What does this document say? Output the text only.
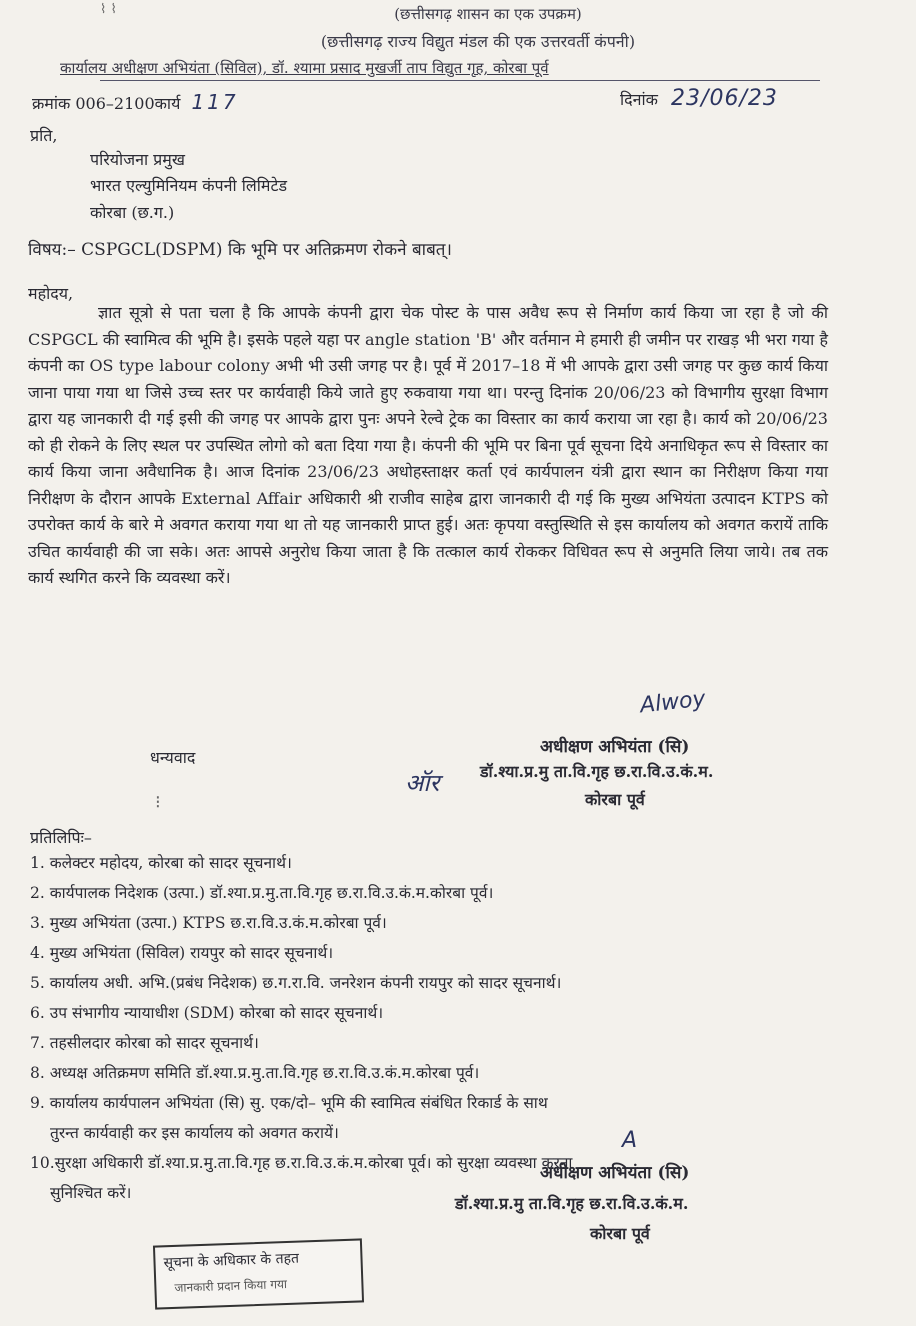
⌇ ⌇	(छत्तीसगढ़ शासन का एक उपक्रम)
(छत्तीसगढ़ राज्य विद्युत मंडल की एक उत्तरवर्ती कंपनी)
कार्यालय अधीक्षण अभियंता (सिविल), डॉ. श्यामा प्रसाद मुखर्जी ताप विद्युत गृह, कोरबा पूर्व
क्रमांक 006–2100कार्य 117	दिनांक 23/06/23
प्रति,
परियोजना प्रमुख
भारत एल्युमिनियम कंपनी लिमिटेड
कोरबा (छ.ग.)
विषय:– CSPGCL(DSPM) कि भूमि पर अतिक्रमण रोकने बाबत्।
महोदय,
ज्ञात सूत्रो से पता चला है कि आपके कंपनी द्वारा चेक पोस्ट के पास अवैध रूप से निर्माण कार्य किया जा रहा है जो की CSPGCL की स्वामित्व की भूमि है। इसके पहले यहा पर angle station 'B' और वर्तमान मे हमारी ही जमीन पर राखड़ भी भरा गया है कंपनी का OS type labour colony अभी भी उसी जगह पर है। पूर्व में 2017–18 में भी आपके द्वारा उसी जगह पर कुछ कार्य किया जाना पाया गया था जिसे उच्च स्तर पर कार्यवाही किये जाते हुए रुकवाया गया था। परन्तु दिनांक 20/06/23 को विभागीय सुरक्षा विभाग द्वारा यह जानकारी दी गई इसी की जगह पर आपके द्वारा पुनः अपने रेल्वे ट्रेक का विस्तार का कार्य कराया जा रहा है। कार्य को 20/06/23 को ही रोकने के लिए स्थल पर उपस्थित लोगो को बता दिया गया है। कंपनी की भूमि पर बिना पूर्व सूचना दिये अनाधिकृत रूप से विस्तार का कार्य किया जाना अवैधानिक है। आज दिनांक 23/06/23 अधोहस्ताक्षर कर्ता एवं कार्यपालन यंत्री द्वारा स्थान का निरीक्षण किया गया निरीक्षण के दौरान आपके External Affair अधिकारी श्री राजीव साहेब द्वारा जानकारी दी गई कि मुख्य अभियंता उत्पादन KTPS को उपरोक्त कार्य के बारे मे अवगत कराया गया था तो यह जानकारी प्राप्त हुई। अतः कृपया वस्तुस्थिति से इस कार्यालय को अवगत करायें ताकि उचित कार्यवाही की जा सके। अतः आपसे अनुरोध किया जाता है कि तत्काल कार्य रोककर विधिवत रूप से अनुमति लिया जाये। तब तक कार्य स्थगित करने कि व्यवस्था करें।
Alwoy
धन्यवाद
अधीक्षण अभियंता (सि)
ऑर	डॉ.श्या.प्र.मु ता.वि.गृह छ.रा.वि.उ.कं.म.
कोरबा पूर्व
⁝
प्रतिलिपिः–
1. कलेक्टर महोदय, कोरबा को सादर सूचनार्थ।
2. कार्यपालक निदेशक (उत्पा.) डॉ.श्या.प्र.मु.ता.वि.गृह छ.रा.वि.उ.कं.म.कोरबा पूर्व।
3. मुख्य अभियंता (उत्पा.) KTPS छ.रा.वि.उ.कं.म.कोरबा पूर्व।
4. मुख्य अभियंता (सिविल) रायपुर को सादर सूचनार्थ।
5. कार्यालय अधी. अभि.(प्रबंध निदेशक) छ.ग.रा.वि. जनरेशन कंपनी रायपुर को सादर सूचनार्थ।
6. उप संभागीय न्यायाधीश (SDM) कोरबा को सादर सूचनार्थ।
7. तहसीलदार कोरबा को सादर सूचनार्थ।
8. अध्यक्ष अतिक्रमण समिति डॉ.श्या.प्र.मु.ता.वि.गृह छ.रा.वि.उ.कं.म.कोरबा पूर्व।
9. कार्यालय कार्यपालन अभियंता (सि) सु. एक/दो– भूमि की स्वामित्व संबंधित रिकार्ड के साथ
तुरन्त कार्यवाही कर इस कार्यालय को अवगत करायें।
10.सुरक्षा अधिकारी डॉ.श्या.प्र.मु.ता.वि.गृह छ.रा.वि.उ.कं.म.कोरबा पूर्व। को सुरक्षा व्यवस्था करना
सुनिश्चित करें।
A
अधीक्षण अभियंता (सि)
डॉ.श्या.प्र.मु ता.वि.गृह छ.रा.वि.उ.कं.म.
कोरबा पूर्व
सूचना के अधिकार के तहत
जानकारी प्रदान किया गया
